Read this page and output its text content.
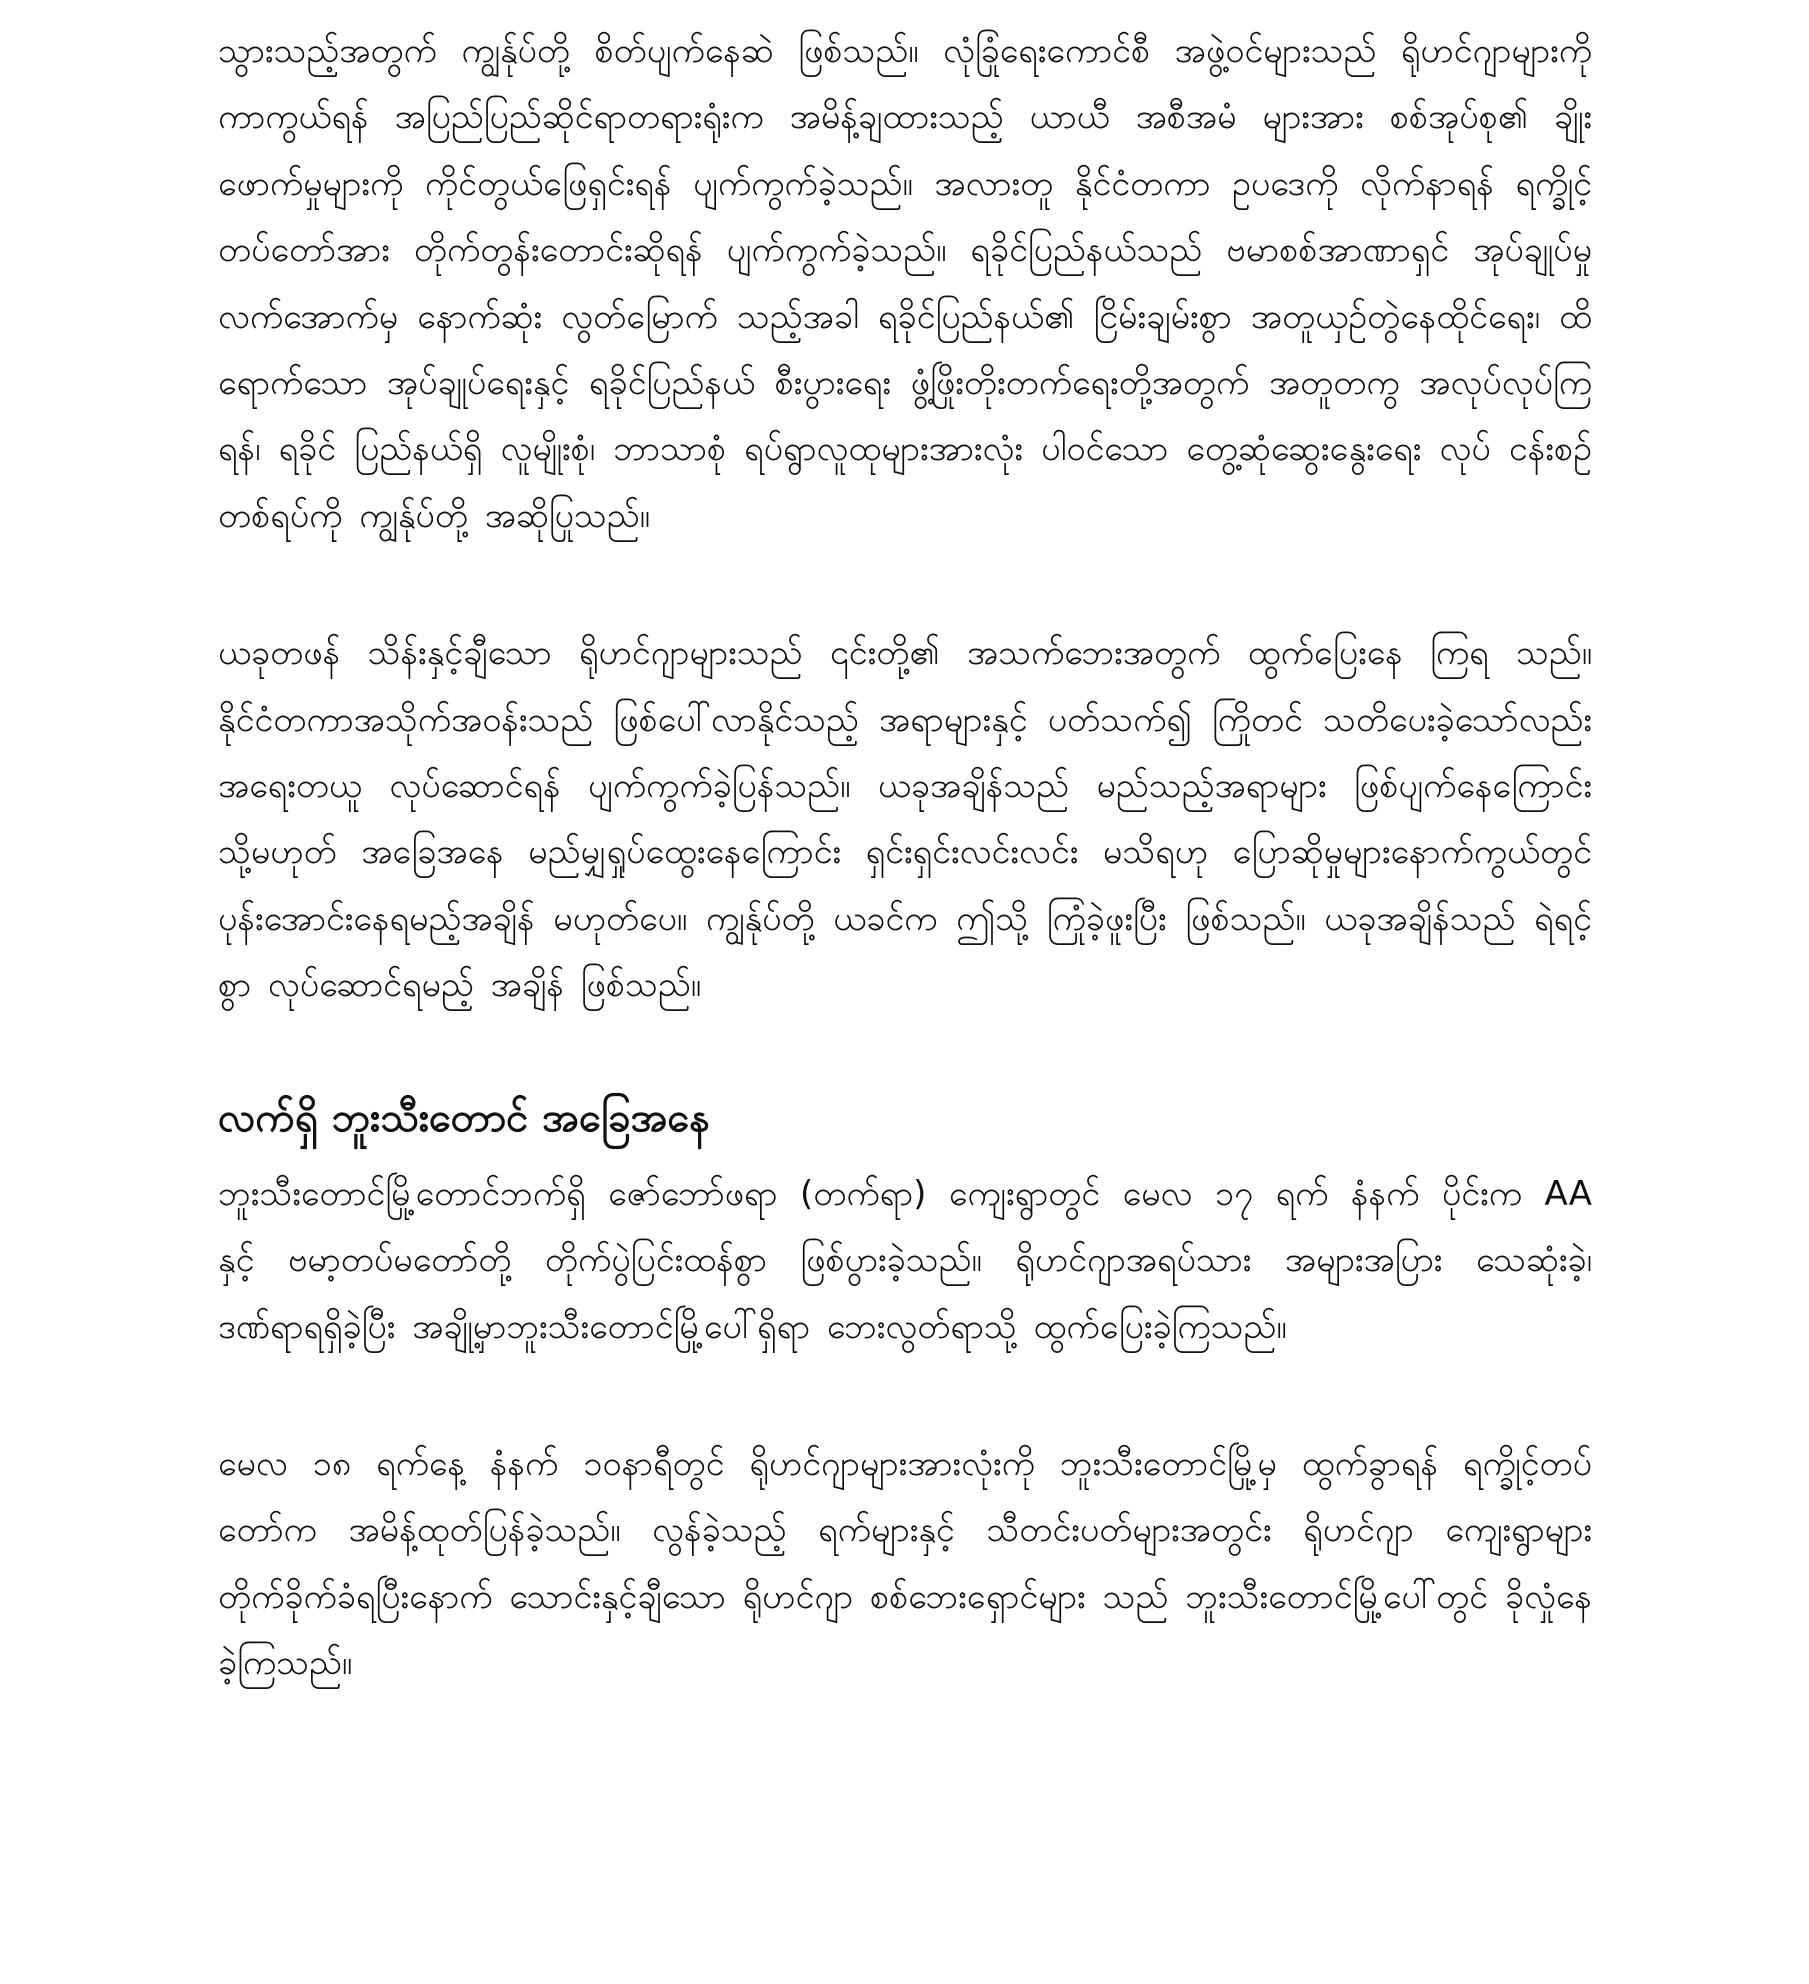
သွားသည့်အတွက် ကျွန်ုပ်တို့ စိတ်ပျက်နေဆဲ ဖြစ်သည်။ လုံခြုံရေးကောင်စီ အဖွဲ့ဝင်များသည် ရိုဟင်ဂျာများကို ကာကွယ်ရန် အပြည်ပြည်ဆိုင်ရာတရားရုံးက အမိန့်ချထားသည့် ယာယီ အစီအမံ များအား စစ်အုပ်စု၏ ချိုးဖောက်မှုများကို ကိုင်တွယ်ဖြေရှင်းရန် ပျက်ကွက်ခဲ့သည်။ အလားတူ နိုင်ငံတကာ ဥပဒေကို လိုက်နာရန် ရက္ခိုင့်တပ်တော်အား တိုက်တွန်းတောင်းဆိုရန် ပျက်ကွက်ခဲ့သည်။ ရခိုင်ပြည်နယ်သည် ဗမာစစ်အာဏာရှင် အုပ်ချုပ်မှုလက်အောက်မှ နောက်ဆုံး လွတ်မြောက် သည့်အခါ ရခိုင်ပြည်နယ်၏ ငြိမ်းချမ်းစွာ အတူယှဉ်တွဲနေထိုင်ရေး၊ ထိရောက်သော အုပ်ချုပ်ရေးနှင့် ရခိုင်ပြည်နယ် စီးပွားရေး ဖွံ့ဖြိုးတိုးတက်ရေးတို့အတွက် အတူတကွ အလုပ်လုပ်ကြရန်၊ ရခိုင် ပြည်နယ်ရှိ လူမျိုးစုံ၊ ဘာသာစုံ ရပ်ရွာလူထုများအားလုံး ပါဝင်သော တွေ့ဆုံဆွေးနွေးရေး လုပ် ငန်းစဉ် တစ်ရပ်ကို ကျွန်ုပ်တို့ အဆိုပြုသည်။

ယခုတဖန် သိန်းနှင့်ချီသော ရိုဟင်ဂျာများသည် ၎င်းတို့၏ အသက်ဘေးအတွက် ထွက်ပြေးနေ ကြရ သည်။ နိုင်ငံတကာအသိုက်အဝန်းသည် ဖြစ်ပေါ်လာနိုင်သည့် အရာများနှင့် ပတ်သက်၍ ကြိုတင် သတိပေးခဲ့သော်လည်း အရေးတယူ လုပ်ဆောင်ရန် ပျက်ကွက်ခဲ့ပြန်သည်။ ယခုအချိန်သည် မည်သည့်အရာများ ဖြစ်ပျက်နေကြောင်း သို့မဟုတ် အခြေအနေ မည်မျှရှုပ်ထွေးနေကြောင်း ရှင်းရှင်းလင်းလင်း မသိရဟု ပြောဆိုမှုများနောက်ကွယ်တွင် ပုန်းအောင်းနေရမည့်အချိန် မဟုတ်ပေ။ ကျွန်ုပ်တို့ ယခင်က ဤသို့ ကြုံခဲ့ဖူးပြီး ဖြစ်သည်။ ယခုအချိန်သည် ရဲရင့်စွာ လုပ်ဆောင်ရမည့် အချိန် ဖြစ်သည်။

လက်ရှိ ဘူးသီးတောင် အခြေအနေ

ဘူးသီးတောင်မြို့တောင်ဘက်ရှိ ဇော်ဘော်ဖရာ (တက်ရာ) ကျေးရွာတွင် မေလ ၁၇ ရက် နံနက် ပိုင်းက AA နှင့် ဗမာ့တပ်မတော်တို့ တိုက်ပွဲပြင်းထန်စွာ ဖြစ်ပွားခဲ့သည်။ ရိုဟင်ဂျာအရပ်သား အများအပြား သေဆုံးခဲ့၊ ဒဏ်ရာရရှိခဲ့ပြီး အချို့မှာဘူးသီးတောင်မြို့ပေါ်ရှိရာ ဘေးလွတ်ရာသို့ ထွက်ပြေးခဲ့ကြသည်။

မေလ ၁၈ ရက်နေ့ နံနက် ၁၀နာရီတွင် ရိုဟင်ဂျာများအားလုံးကို ဘူးသီးတောင်မြို့မှ ထွက်ခွာရန် ရက္ခိုင့်တပ်တော်က အမိန့်ထုတ်ပြန်ခဲ့သည်။ လွန်ခဲ့သည့် ရက်များနှင့် သီတင်းပတ်များအတွင်း ရိုဟင်ဂျာ ကျေးရွာများ တိုက်ခိုက်ခံရပြီးနောက် သောင်းနှင့်ချီသော ရိုဟင်ဂျာ စစ်ဘေးရှောင်များ သည် ဘူးသီးတောင်မြို့ပေါ်တွင် ခိုလှုံနေခဲ့ကြသည်။
